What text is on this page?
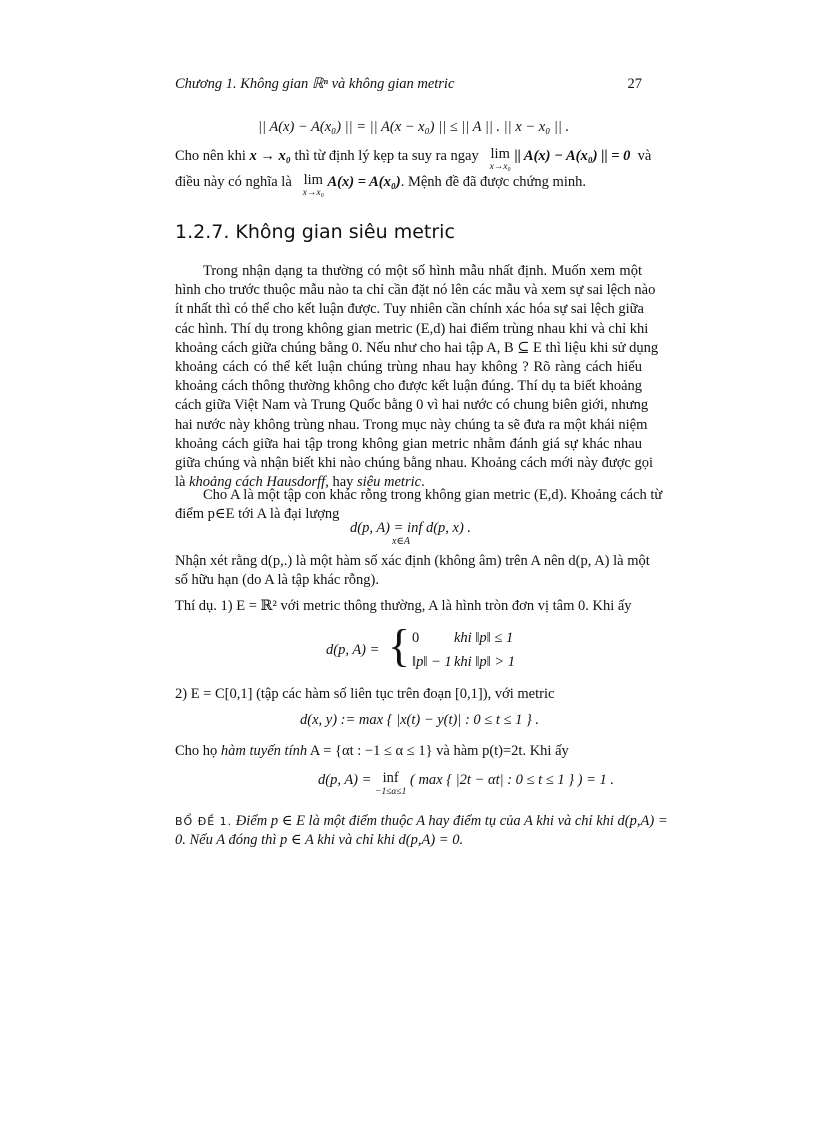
Chương 1. Không gian ℝⁿ và không gian metric	27
|| A(x) − A(x₀) || = || A(x − x₀) || ≤ || A || . || x − x₀ || .
Cho nên khi x → x₀ thì từ định lý kẹp ta suy ra ngay lim
x→x₀
|| A(x) − A(x₀) || = 0 và
điều này có nghĩa là lim
x→x₀
A(x) = A(x₀). Mệnh đề đã được chứng minh.
1.2.7. Không gian siêu metric
Trong nhận dạng ta thường có một số hình mẫu nhất định. Muốn xem một
hình cho trước thuộc mẫu nào ta chỉ cần đặt nó lên các mẫu và xem sự sai lệch nào
ít nhất thì có thể cho kết luận được. Tuy nhiên cần chính xác hóa sự sai lệch giữa
các hình. Thí dụ trong không gian metric (E,d) hai điểm trùng nhau khi và chỉ khi
khoảng cách giữa chúng bằng 0. Nếu như cho hai tập A, B ⊆ E thì liệu khi sử dụng
khoảng cách có thể kết luận chúng trùng nhau hay không ? Rõ ràng cách hiểu
khoảng cách thông thường không cho được kết luận đúng. Thí dụ ta biết khoảng
cách giữa Việt Nam và Trung Quốc bằng 0 vì hai nước có chung biên giới, nhưng
hai nước này không trùng nhau. Trong mục này chúng ta sẽ đưa ra một khái niệm
khoảng cách giữa hai tập trong không gian metric nhằm đánh giá sự khác nhau
giữa chúng và nhận biết khi nào chúng bằng nhau. Khoảng cách mới này được gọi
là khoảng cách Hausdorff, hay siêu metric.
Cho A là một tập con khác rỗng trong không gian metric (E,d). Khoảng cách từ
điểm p∈E tới A là đại lượng
d(p, A) = inf d(p, x) .
x∈A
Nhận xét rằng d(p,.) là một hàm số xác định (không âm) trên A nên d(p, A) là một
số hữu hạn (do A là tập khác rỗng).
Thí dụ. 1) E = ℝ² với metric thông thường, A là hình tròn đơn vị tâm 0. Khi ấy
d(p, A) = { 0 khi ‖p‖ ≤ 1
‖p‖ − 1 khi ‖p‖ > 1
2) E = C[0,1] (tập các hàm số liên tục trên đoạn [0,1]), với metric
d(x, y) := max { |x(t) − y(t)| : 0 ≤ t ≤ 1 } .
Cho họ hàm tuyến tính A = {αt : −1 ≤ α ≤ 1} và hàm p(t)=2t. Khi ấy
d(p, A) = inf
−1≤α≤1
( max { |2t − αt| : 0 ≤ t ≤ 1 } ) = 1 .
BỔ ĐỀ 1. Điểm p ∈ E là một điểm thuộc A hay điểm tụ của A khi và chỉ khi d(p,A) =
0. Nếu A đóng thì p ∈ A khi và chỉ khi d(p,A) = 0.
